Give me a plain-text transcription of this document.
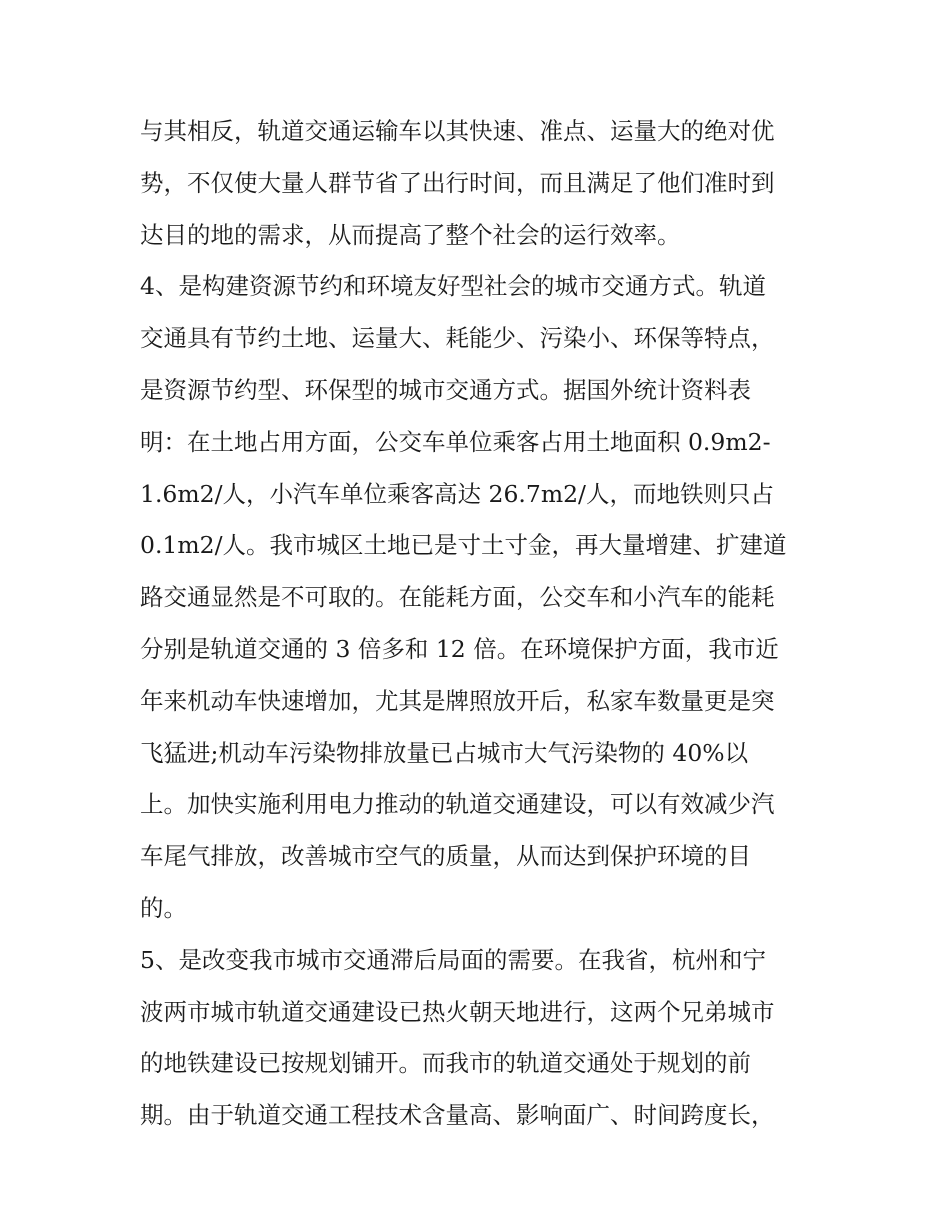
与其相反，轨道交通运输车以其快速、准点、运量大的绝对优
势，不仅使大量人群节省了出行时间，而且满足了他们准时到
达目的地的需求，从而提高了整个社会的运行效率。
4、是构建资源节约和环境友好型社会的城市交通方式。轨道
交通具有节约土地、运量大、耗能少、污染小、环保等特点，
是资源节约型、环保型的城市交通方式。据国外统计资料表
明：在土地占用方面，公交车单位乘客占用土地面积 0.9m2-
1.6m2/人，小汽车单位乘客高达 26.7m2/人，而地铁则只占
0.1m2/人。我市城区土地已是寸土寸金，再大量增建、扩建道
路交通显然是不可取的。在能耗方面，公交车和小汽车的能耗
分别是轨道交通的 3 倍多和 12 倍。在环境保护方面，我市近
年来机动车快速增加，尤其是牌照放开后，私家车数量更是突
飞猛进;机动车污染物排放量已占城市大气污染物的 40%以
上。加快实施利用电力推动的轨道交通建设，可以有效减少汽
车尾气排放，改善城市空气的质量，从而达到保护环境的目
的。
5、是改变我市城市交通滞后局面的需要。在我省，杭州和宁
波两市城市轨道交通建设已热火朝天地进行，这两个兄弟城市
的地铁建设已按规划铺开。而我市的轨道交通处于规划的前
期。由于轨道交通工程技术含量高、影响面广、时间跨度长，
